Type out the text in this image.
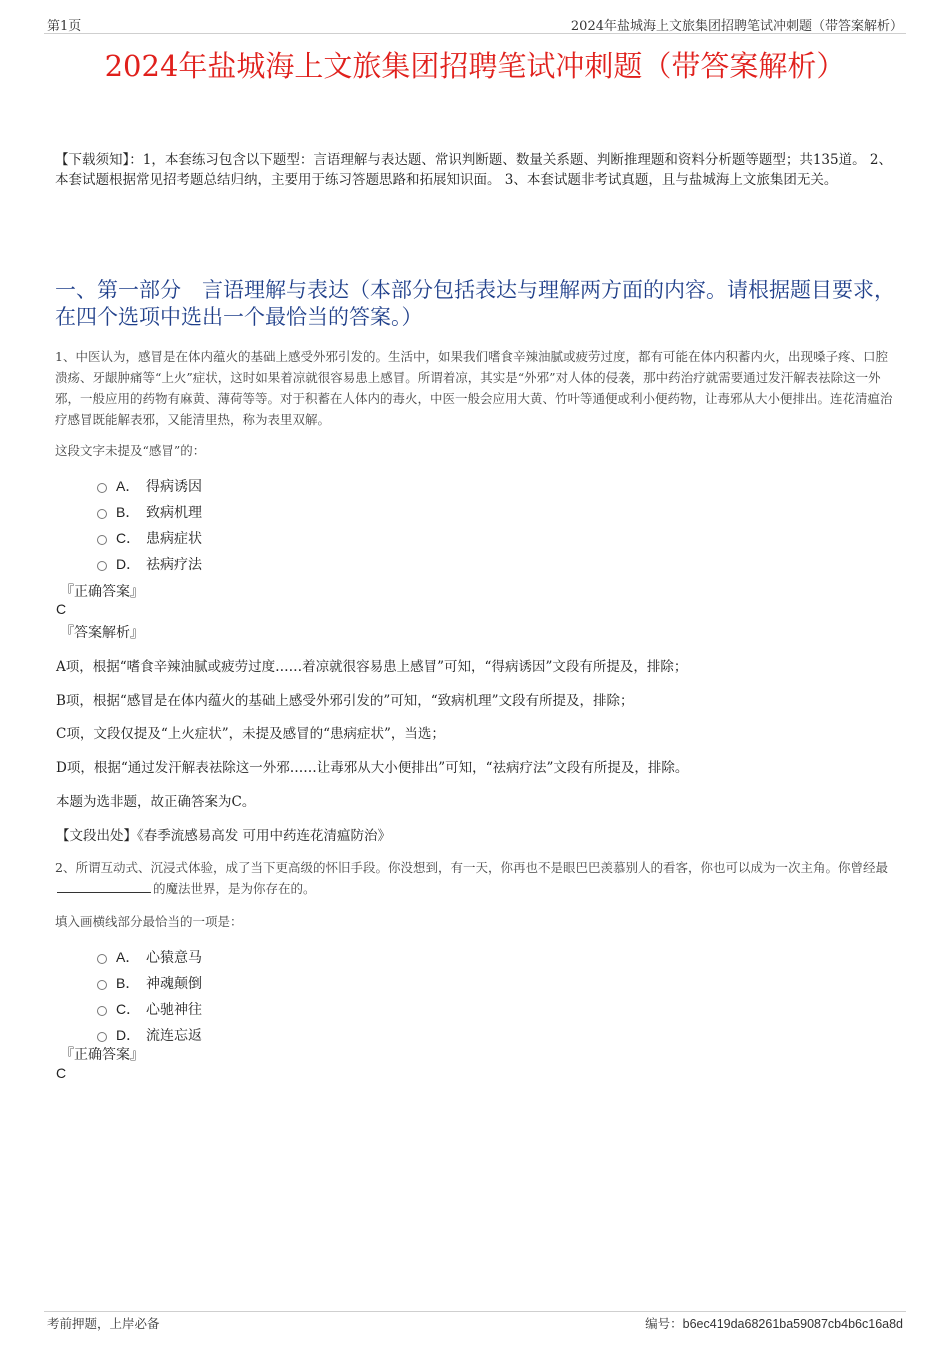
第1页	2024年盐城海上文旅集团招聘笔试冲刺题（带答案解析）
2024年盐城海上文旅集团招聘笔试冲刺题（带答案解析）
【下载须知】：1，本套练习包含以下题型：言语理解与表达题、常识判断题、数量关系题、判断推理题和资料分析题等题型；共135道。 2、本套试题根据常见招考题总结归纳，主要用于练习答题思路和拓展知识面。 3、本套试题非考试真题，且与盐城海上文旅集团无关。
一、第一部分　言语理解与表达（本部分包括表达与理解两方面的内容。请根据题目要求，在四个选项中选出一个最恰当的答案。）
1、中医认为，感冒是在体内蕴火的基础上感受外邪引发的。生活中，如果我们嗜食辛辣油腻或疲劳过度，都有可能在体内积蓄内火，出现嗓子疼、口腔溃疡、牙龈肿痛等“上火”症状，这时如果着凉就很容易患上感冒。所谓着凉，其实是“外邪”对人体的侵袭，那中药治疗就需要通过发汗解表祛除这一外邪，一般应用的药物有麻黄、薄荷等等。对于积蓄在人体内的毒火，中医一般会应用大黄、竹叶等通便或利小便药物，让毒邪从大小便排出。连花清瘟治疗感冒既能解表邪，又能清里热，称为表里双解。
这段文字未提及“感冒”的：
A． 得病诱因
B． 致病机理
C． 患病症状
D． 祛病疗法
『正确答案』
C
『答案解析』
A项，根据“嗜食辛辣油腻或疲劳过度……着凉就很容易患上感冒”可知，“得病诱因”文段有所提及，排除；
B项，根据“感冒是在体内蕴火的基础上感受外邪引发的”可知，“致病机理”文段有所提及，排除；
C项，文段仅提及“上火症状”，未提及感冒的“患病症状”，当选；
D项，根据“通过发汗解表祛除这一外邪……让毒邪从大小便排出”可知，“祛病疗法”文段有所提及，排除。
本题为选非题，故正确答案为C。
【文段出处】《春季流感易高发 可用中药连花清瘟防治》
2、所谓互动式、沉浸式体验，成了当下更高级的怀旧手段。你没想到，有一天，你再也不是眼巴巴羡慕别人的看客，你也可以成为一次主角。你曾经最的魔法世界，是为你存在的。
填入画横线部分最恰当的一项是：
A． 心猿意马
B． 神魂颠倒
C． 心驰神往
D． 流连忘返
『正确答案』
C
考前押题，上岸必备	编号：b6ec419da68261ba59087cb4b6c16a8d
